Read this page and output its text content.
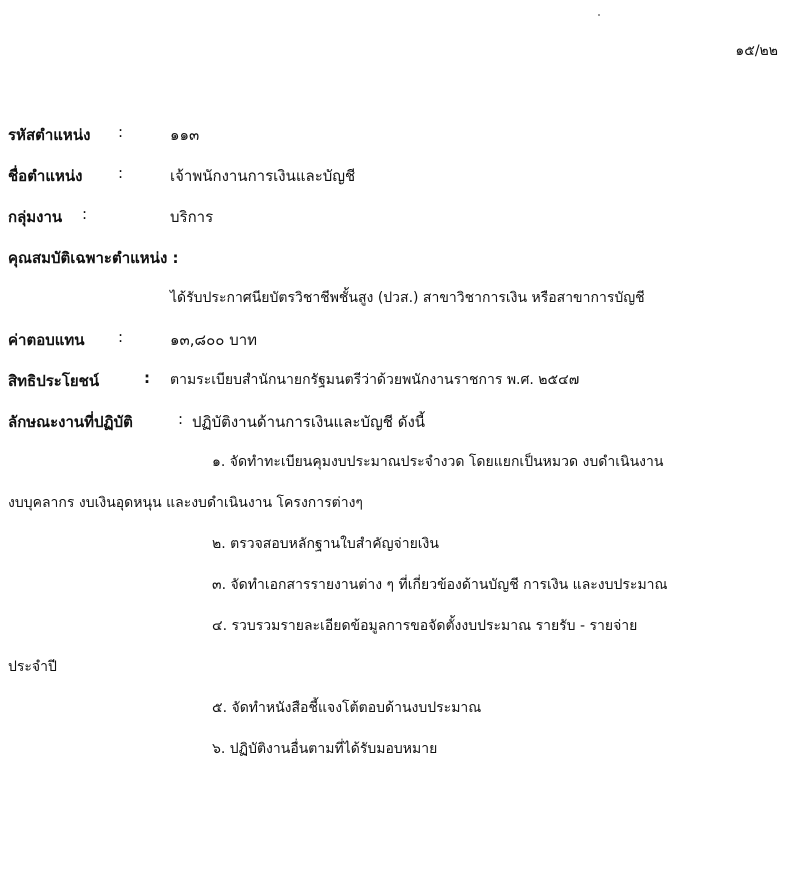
๑๕/๒๒
รหัสตำแหน่ง :	๑๑๓
ชื่อตำแหน่ง :	เจ้าพนักงานการเงินและบัญชี
กลุ่มงาน :	บริการ
คุณสมบัติเฉพาะตำแหน่ง :
ได้รับประกาศนียบัตรวิชาชีพชั้นสูง (ปวส.) สาขาวิชาการเงิน หรือสาขาการบัญชี
ค่าตอบแทน :	๑๓,๘๐๐ บาท
สิทธิประโยชน์	: ตามระเบียบสำนักนายกรัฐมนตรีว่าด้วยพนักงานราชการ พ.ศ. ๒๕๔๗
ลักษณะงานที่ปฏิบัติ	: ปฏิบัติงานด้านการเงินและบัญชี ดังนี้
๑. จัดทำทะเบียนคุมงบประมาณประจำงวด โดยแยกเป็นหมวด งบดำเนินงาน
งบบุคลากร งบเงินอุดหนุน และงบดำเนินงาน โครงการต่างๆ
๒. ตรวจสอบหลักฐานใบสำคัญจ่ายเงิน
๓. จัดทำเอกสารรายงานต่าง ๆ ที่เกี่ยวข้องด้านบัญชี การเงิน และงบประมาณ
๔. รวบรวมรายละเอียดข้อมูลการขอจัดตั้งงบประมาณ รายรับ - รายจ่าย
ประจำปี
๕. จัดทำหนังสือชี้แจงโต้ตอบด้านงบประมาณ
๖. ปฏิบัติงานอื่นตามที่ได้รับมอบหมาย
